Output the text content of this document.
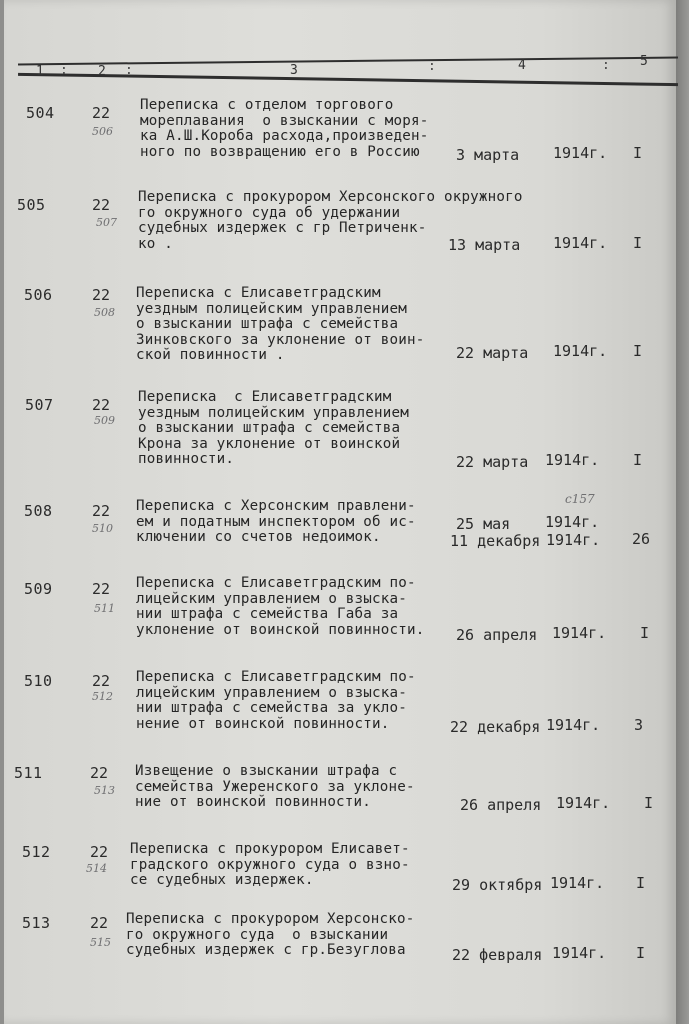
1 : 2 :	3	:	4	: 5
504 22
506
Переписка с отделом торгового
мореплавания  о взыскании с моря-
ка А.Ш.Короба расхода,произведен-
ного по возвращению его в Россию	3 марта 1914г. I
505	22
507
Переписка с прокурором Херсонского окружного
го окружного суда об удержании
судебных издержек с гр Петриченк-
ко .	13 марта 1914г. I
506	22
508
Переписка с Елисаветградским
уездным полицейским управлением
о взыскании штрафа с семейства
Зинковского за уклонение от воин-
ской повинности .	22 марта 1914г. I
507	22
509
Переписка  с Елисаветградским
уездным полицейским управлением
о взыскании штрафа с семейства
Крона за уклонение от воинской
повинности.	22 марта 1914г. I
508	22
510
Переписка с Херсонским правлени-
ем и податным инспектором об ис-
ключении со счетов недоимок.
с157
25 мая 1914г.
11 декабря 1914г. 26
509	22
511
Переписка с Елисаветградским по-
лицейским управлением о взыска-
нии штрафа с семейства Габа за
уклонение от воинской повинности. 26 апреля 1914г. I
510	22
512
Переписка с Елисаветградским по-
лицейским управлением о взыска-
нии штрафа с семейства за укло-
нение от воинской повинности.	22 декабря 1914г. 3
511	22
513
Извещение о взыскании штрафа с
семейства Ужеренского за уклоне-
ние от воинской повинности.	26 апреля 1914г. I
512	22
514
Переписка с прокурором Елисавет-
градского окружного суда о взно-
се судебных издержек.	29 октября 1914г. I
513	22
515
Переписка с прокурором Херсонско-
го окружного суда  о взыскании
судебных издержек с гр.Безуглова	22 февраля 1914г. I
